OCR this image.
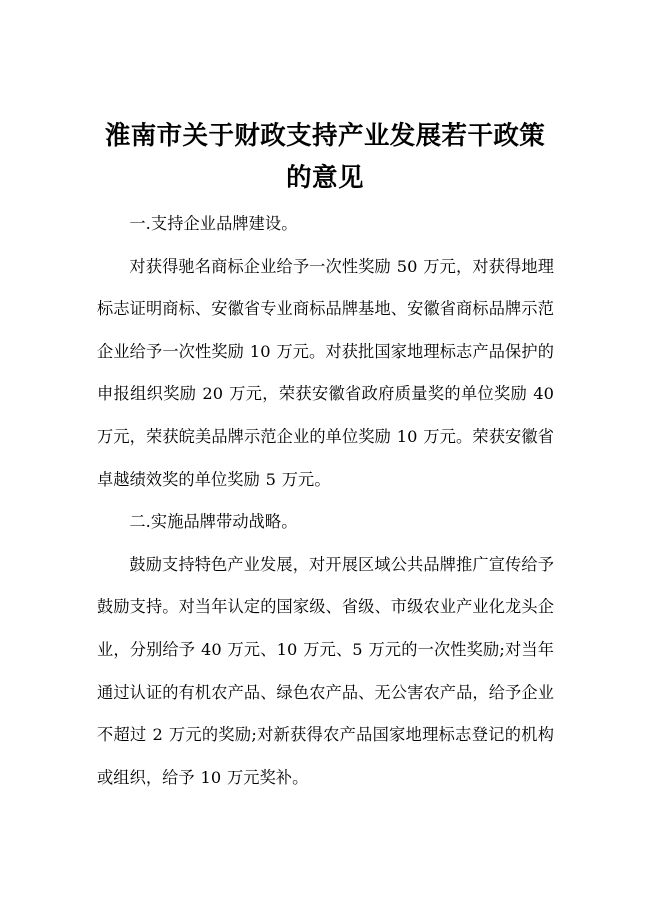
淮南市关于财政支持产业发展若干政策的意见

一.支持企业品牌建设。

对获得驰名商标企业给予一次性奖励 50 万元，对获得地理标志证明商标、安徽省专业商标品牌基地、安徽省商标品牌示范企业给予一次性奖励 10 万元。对获批国家地理标志产品保护的申报组织奖励 20 万元，荣获安徽省政府质量奖的单位奖励 40 万元，荣获皖美品牌示范企业的单位奖励 10 万元。荣获安徽省卓越绩效奖的单位奖励 5 万元。

二.实施品牌带动战略。

鼓励支持特色产业发展，对开展区域公共品牌推广宣传给予鼓励支持。对当年认定的国家级、省级、市级农业产业化龙头企业，分别给予 40 万元、10 万元、5 万元的一次性奖励;对当年通过认证的有机农产品、绿色农产品、无公害农产品，给予企业不超过 2 万元的奖励;对新获得农产品国家地理标志登记的机构或组织，给予 10 万元奖补。
